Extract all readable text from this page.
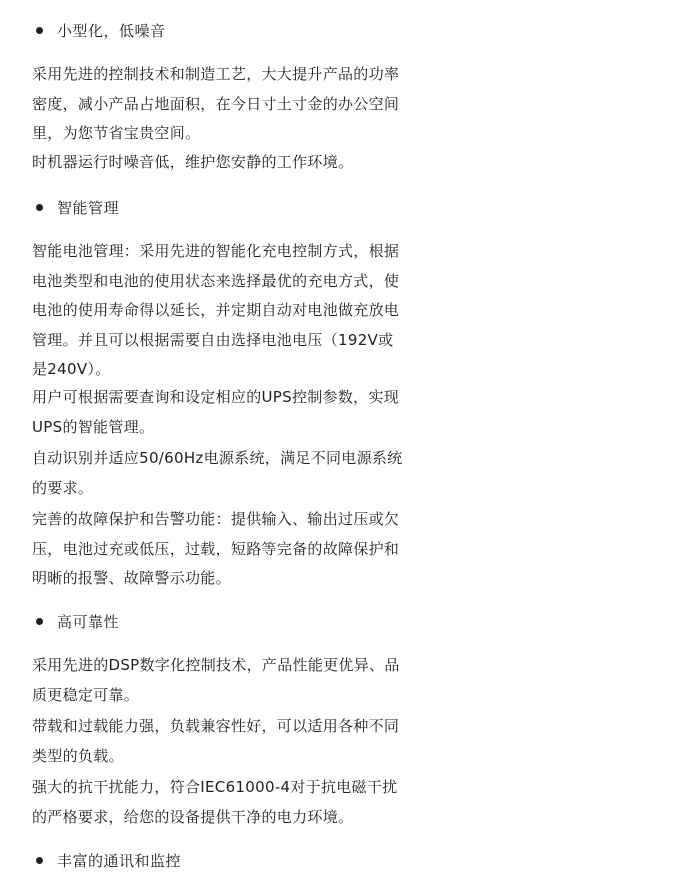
小型化，低噪音

采用先进的控制技术和制造工艺，大大提升产品的功率
密度，减小产品占地面积，在今日寸土寸金的办公空间
里，为您节省宝贵空间。

时机器运行时噪音低，维护您安静的工作环境。

智能管理

智能电池管理：采用先进的智能化充电控制方式，根据
电池类型和电池的使用状态来选择最优的充电方式，使
电池的使用寿命得以延长，并定期自动对电池做充放电
管理。并且可以根据需要自由选择电池电压（192V或
是240V）。

用户可根据需要查询和设定相应的UPS控制参数，实现
UPS的智能管理。

自动识别并适应50/60Hz电源系统，满足不同电源系统
的要求。

完善的故障保护和告警功能：提供输入、输出过压或欠
压，电池过充或低压，过载，短路等完备的故障保护和
明晰的报警、故障警示功能。

高可靠性

采用先进的DSP数字化控制技术，产品性能更优异、品
质更稳定可靠。

带载和过载能力强，负载兼容性好，可以适用各种不同
类型的负载。

强大的抗干扰能力，符合IEC61000-4对于抗电磁干扰
的严格要求，给您的设备提供干净的电力环境。

丰富的通讯和监控
